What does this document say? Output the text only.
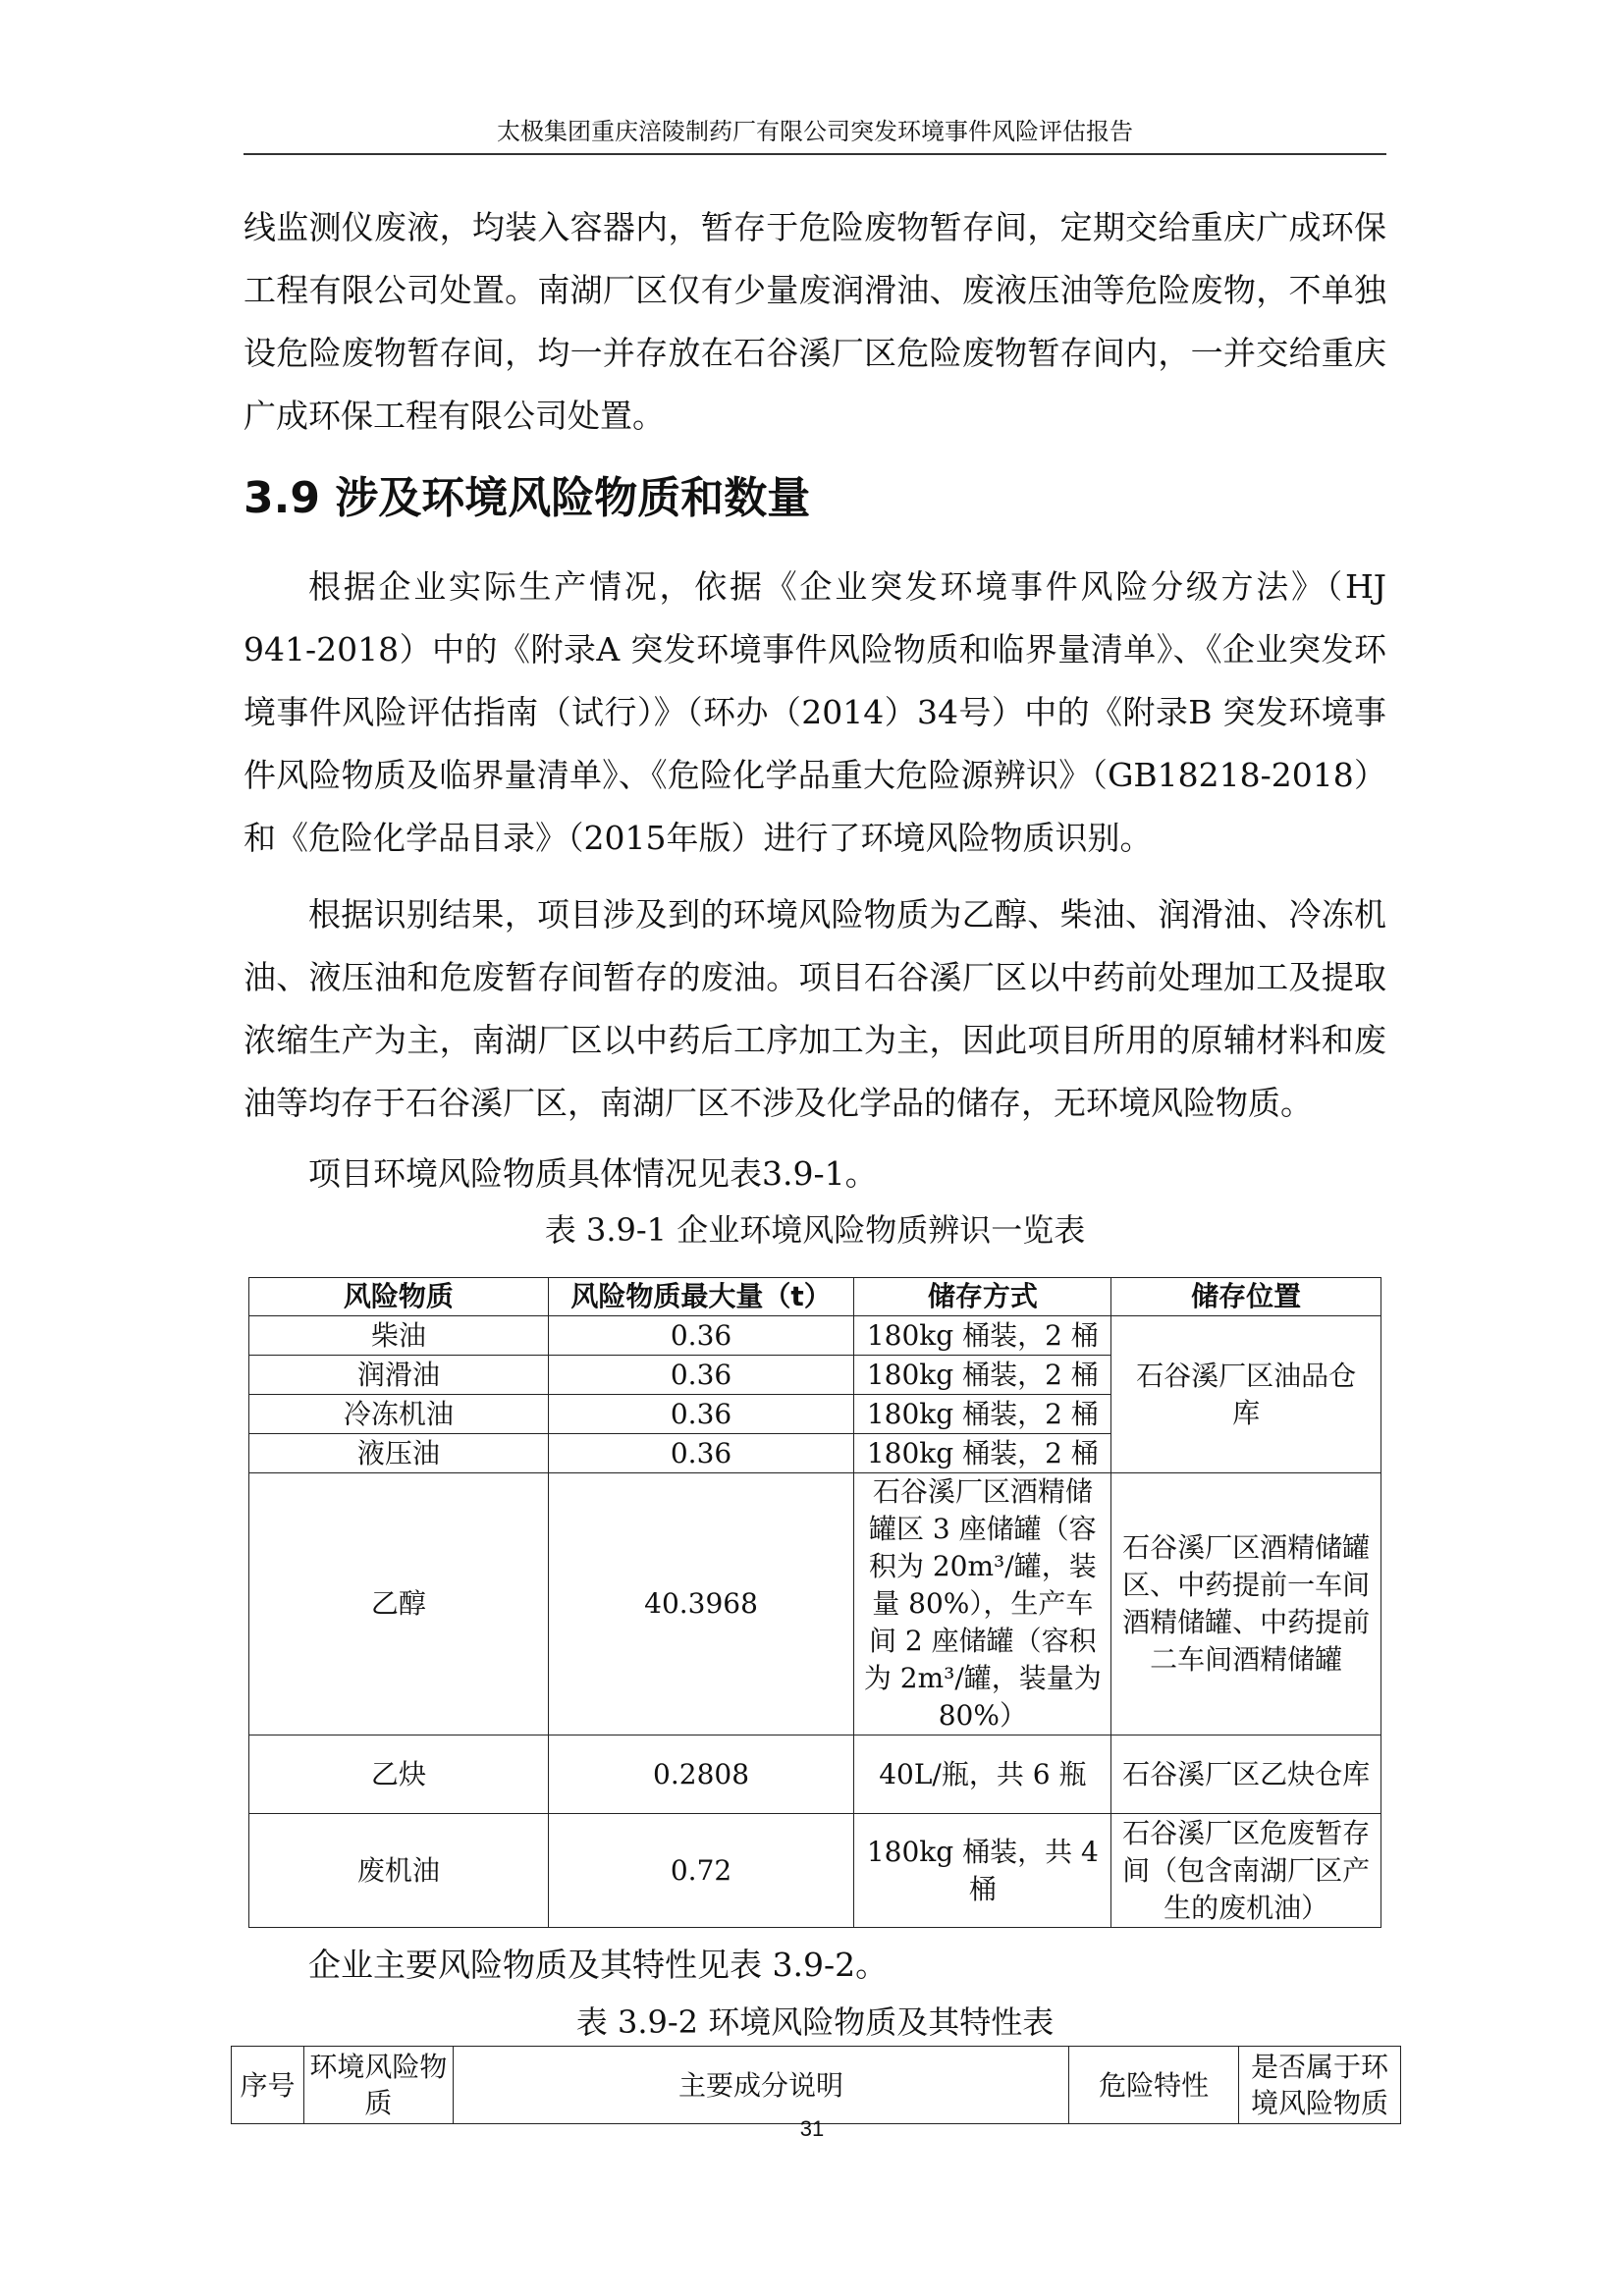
太极集团重庆涪陵制药厂有限公司突发环境事件风险评估报告
线监测仪废液，均装入容器内，暂存于危险废物暂存间，定期交给重庆广成环保工程有限公司处置。南湖厂区仅有少量废润滑油、废液压油等危险废物，不单独设危险废物暂存间，均一并存放在石谷溪厂区危险废物暂存间内，一并交给重庆广成环保工程有限公司处置。
3.9 涉及环境风险物质和数量
根据企业实际生产情况，依据《企业突发环境事件风险分级方法》（HJ 941-2018）中的《附录A 突发环境事件风险物质和临界量清单》、《企业突发环境事件风险评估指南（试行）》（环办（2014）34号）中的《附录B 突发环境事件风险物质及临界量清单》、《危险化学品重大危险源辨识》（GB18218-2018）和《危险化学品目录》（2015年版）进行了环境风险物质识别。
根据识别结果，项目涉及到的环境风险物质为乙醇、柴油、润滑油、冷冻机油、液压油和危废暂存间暂存的废油。项目石谷溪厂区以中药前处理加工及提取浓缩生产为主，南湖厂区以中药后工序加工为主，因此项目所用的原辅材料和废油等均存于石谷溪厂区，南湖厂区不涉及化学品的储存，无环境风险物质。
项目环境风险物质具体情况见表3.9-1。
表 3.9-1 企业环境风险物质辨识一览表
风险物质	风险物质最大量（t）	储存方式	储存位置
柴油	0.36	180kg 桶装，2 桶	石谷溪厂区油品仓库
润滑油	0.36	180kg 桶装，2 桶	
冷冻机油	0.36	180kg 桶装，2 桶	
液压油	0.36	180kg 桶装，2 桶	
乙醇	40.3968	石谷溪厂区酒精储罐区 3 座储罐（容积为 20m³/罐，装量 80%），生产车间 2 座储罐（容积为 2m³/罐，装量为 80%）	石谷溪厂区酒精储罐区、中药提前一车间酒精储罐、中药提前二车间酒精储罐
乙炔	0.2808	40L/瓶，共 6 瓶	石谷溪厂区乙炔仓库
废机油	0.72	180kg 桶装，共 4 桶	石谷溪厂区危废暂存间（包含南湖厂区产生的废机油）
企业主要风险物质及其特性见表 3.9-2。
表 3.9-2 环境风险物质及其特性表
序号	环境风险物质	主要成分说明	危险特性	是否属于环境风险物质
31
